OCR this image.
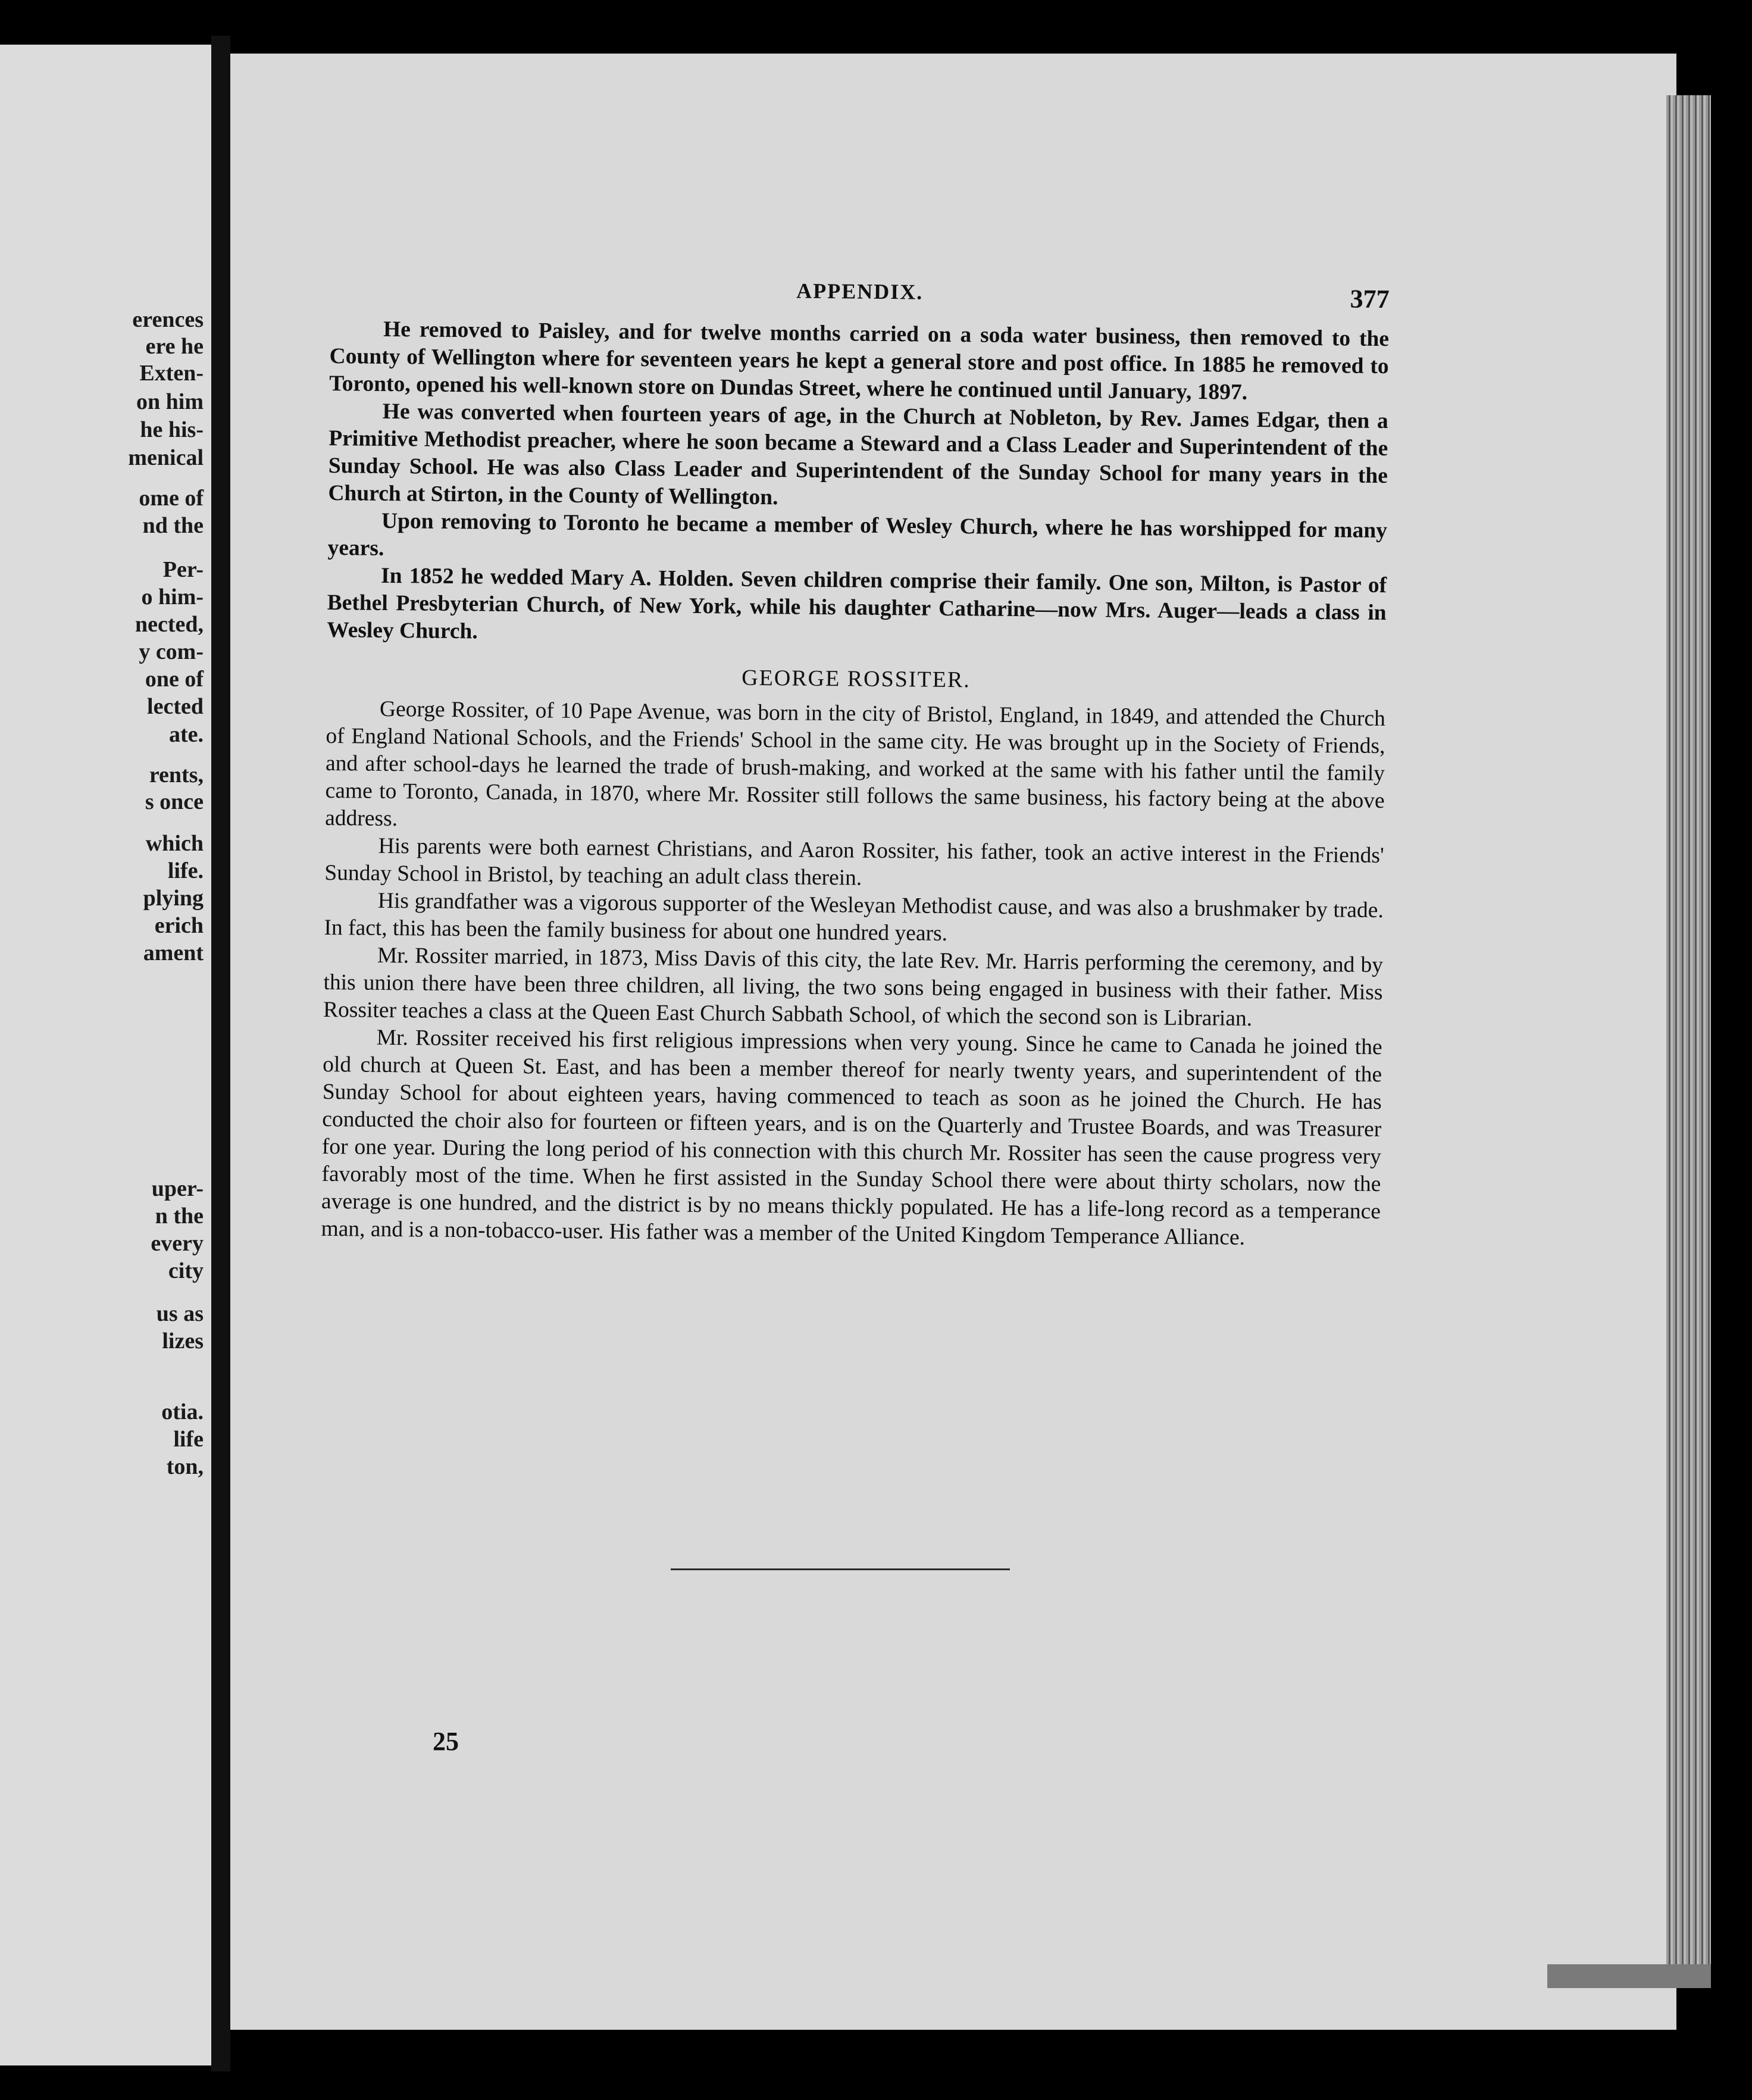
erences
ere he
Exten-
on him
he his-
menical
ome of
nd the
Per-
o him-
nected,
y com-
one of
lected
ate.
rents,
s once
which
life.
plying
erich
ament
uper-
n the
every
city
us as
lizes
otia.
life
ton,
APPENDIX.	377

He removed to Paisley, and for twelve months carried on a soda water business, then removed to the County of Wellington where for seventeen years he kept a general store and post office. In 1885 he removed to Toronto, opened his well-known store on Dundas Street, where he continued until January, 1897.

He was converted when fourteen years of age, in the Church at Nobleton, by Rev. James Edgar, then a Primitive Methodist preacher, where he soon became a Steward and a Class Leader and Superintendent of the Sunday School. He was also Class Leader and Superintendent of the Sunday School for many years in the Church at Stirton, in the County of Wellington.

Upon removing to Toronto he became a member of Wesley Church, where he has worshipped for many years.

In 1852 he wedded Mary A. Holden. Seven children comprise their family. One son, Milton, is Pastor of Bethel Presbyterian Church, of New York, while his daughter Catharine—now Mrs. Auger—leads a class in Wesley Church.

GEORGE ROSSITER.

George Rossiter, of 10 Pape Avenue, was born in the city of Bristol, England, in 1849, and attended the Church of England National Schools, and the Friends' School in the same city. He was brought up in the Society of Friends, and after school-days he learned the trade of brush-making, and worked at the same with his father until the family came to Toronto, Canada, in 1870, where Mr. Rossiter still follows the same business, his factory being at the above address.

His parents were both earnest Christians, and Aaron Rossiter, his father, took an active interest in the Friends' Sunday School in Bristol, by teaching an adult class therein.

His grandfather was a vigorous supporter of the Wesleyan Methodist cause, and was also a brushmaker by trade. In fact, this has been the family business for about one hundred years.

Mr. Rossiter married, in 1873, Miss Davis of this city, the late Rev. Mr. Harris performing the ceremony, and by this union there have been three children, all living, the two sons being engaged in business with their father. Miss Rossiter teaches a class at the Queen East Church Sabbath School, of which the second son is Librarian.

Mr. Rossiter received his first religious impressions when very young. Since he came to Canada he joined the old church at Queen St. East, and has been a member thereof for nearly twenty years, and superintendent of the Sunday School for about eighteen years, having commenced to teach as soon as he joined the Church. He has conducted the choir also for fourteen or fifteen years, and is on the Quarterly and Trustee Boards, and was Treasurer for one year. During the long period of his connection with this church Mr. Rossiter has seen the cause progress very favorably most of the time. When he first assisted in the Sunday School there were about thirty scholars, now the average is one hundred, and the district is by no means thickly populated. He has a life-long record as a temperance man, and is a non-tobacco-user. His father was a member of the United Kingdom Temperance Alliance.

25
